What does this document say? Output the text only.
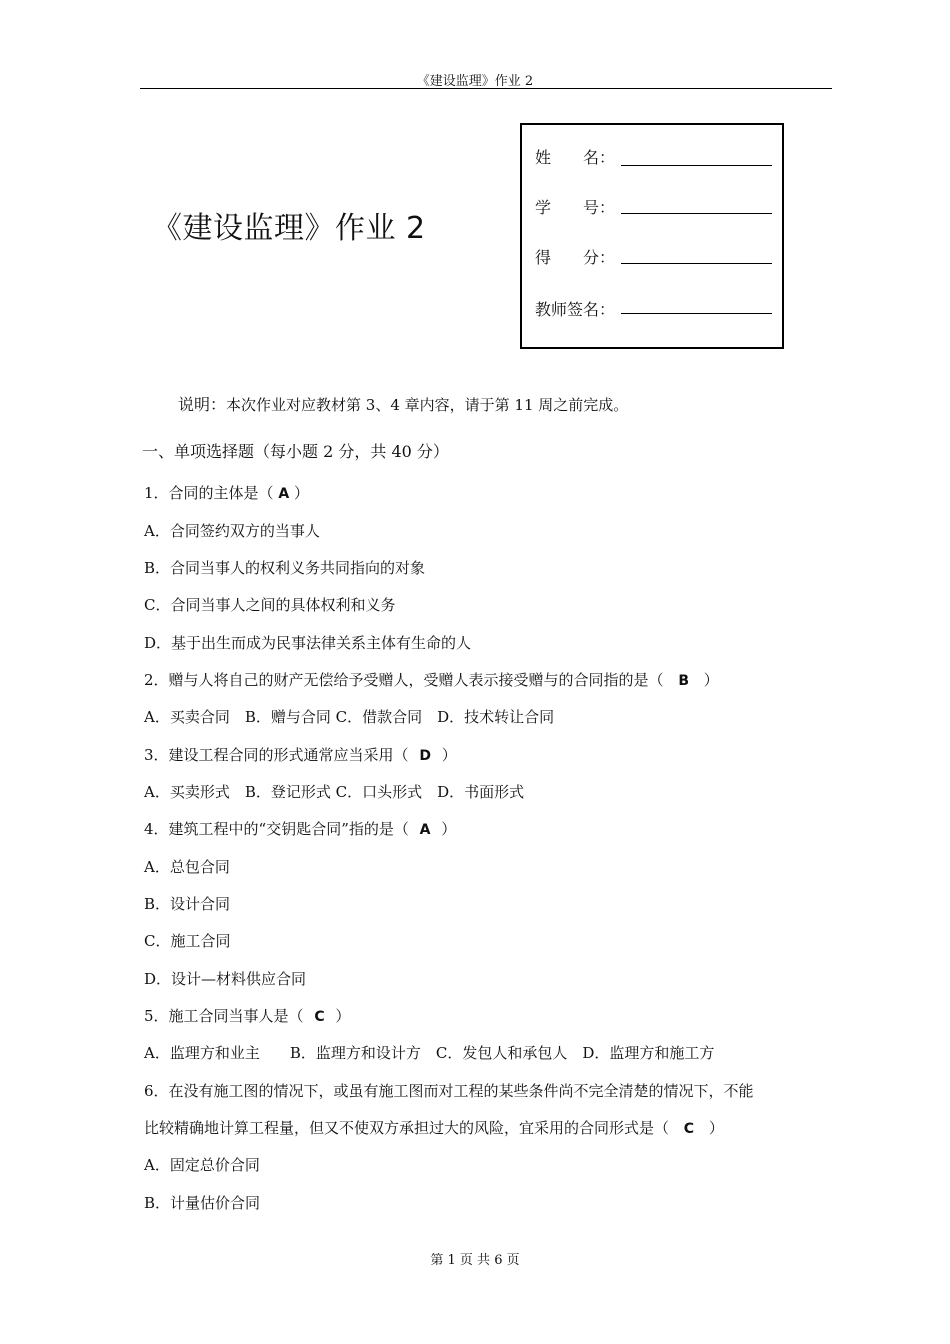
《建设监理》作业 2
《建设监理》作业 2
姓　　名：
学　　号：
得　　分：
教师签名：
说明：本次作业对应教材第 3、4 章内容，请于第 11 周之前完成。
一、单项选择题（每小题 2 分，共 40 分）
1．合同的主体是（ A ）
A．合同签约双方的当事人
B．合同当事人的权利义务共同指向的对象
C．合同当事人之间的具体权利和义务
D．基于出生而成为民事法律关系主体有生命的人
2．赠与人将自己的财产无偿给予受赠人，受赠人表示接受赠与的合同指的是（ B ）
A．买卖合同　B．赠与合同 C．借款合同　D．技术转让合同
3．建设工程合同的形式通常应当采用（ D ）
A．买卖形式　B．登记形式 C．口头形式　D．书面形式
4．建筑工程中的“交钥匙合同”指的是（ A ）
A．总包合同
B．设计合同
C．施工合同
D．设计—材料供应合同
5．施工合同当事人是（ C ）
A．监理方和业主　　B．监理方和设计方　C．发包人和承包人　D．监理方和施工方
6．在没有施工图的情况下，或虽有施工图而对工程的某些条件尚不完全清楚的情况下，不能
比较精确地计算工程量，但又不使双方承担过大的风险，宜采用的合同形式是（ C ）
A．固定总价合同
B．计量估价合同
第 1 页 共 6 页
